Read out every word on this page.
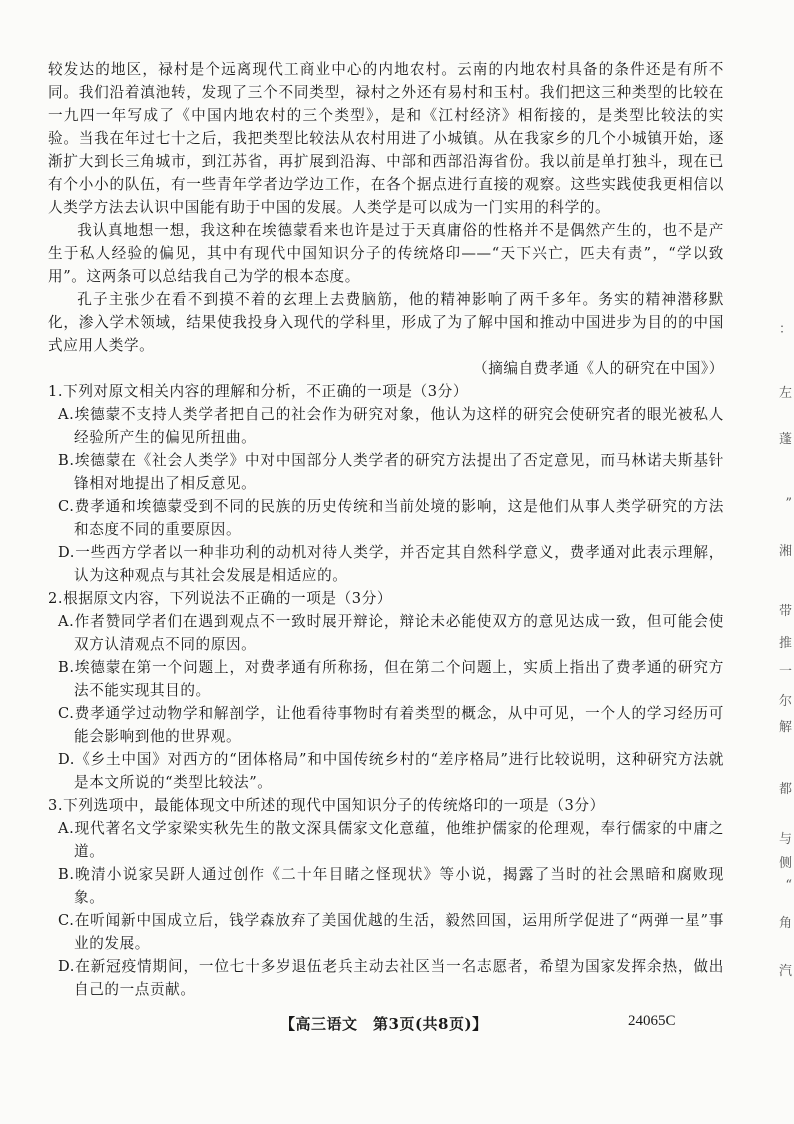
较发达的地区，禄村是个远离现代工商业中心的内地农村。云南的内地农村具备的条件还是有所不同。我们沿着滇池转，发现了三个不同类型，禄村之外还有易村和玉村。我们把这三种类型的比较在一九四一年写成了《中国内地农村的三个类型》，是和《江村经济》相衔接的，是类型比较法的实验。当我在年过七十之后，我把类型比较法从农村用进了小城镇。从在我家乡的几个小城镇开始，逐渐扩大到长三角城市，到江苏省，再扩展到沿海、中部和西部沿海省份。我以前是单打独斗，现在已有个小小的队伍，有一些青年学者边学边工作，在各个据点进行直接的观察。这些实践使我更相信以人类学方法去认识中国能有助于中国的发展。人类学是可以成为一门实用的科学的。

我认真地想一想，我这种在埃德蒙看来也许是过于天真庸俗的性格并不是偶然产生的，也不是产生于私人经验的偏见，其中有现代中国知识分子的传统烙印——“天下兴亡，匹夫有责”，“学以致用”。这两条可以总结我自己为学的根本态度。

孔子主张少在看不到摸不着的玄理上去费脑筋，他的精神影响了两千多年。务实的精神潜移默化，渗入学术领域，结果使我投身入现代的学科里，形成了为了解中国和推动中国进步为目的的中国式应用人类学。

（摘编自费孝通《人的研究在中国》）

1.下列对原文相关内容的理解和分析，不正确的一项是（3分）

A.埃德蒙不支持人类学者把自己的社会作为研究对象，他认为这样的研究会使研究者的眼光被私人经验所产生的偏见所扭曲。

B.埃德蒙在《社会人类学》中对中国部分人类学者的研究方法提出了否定意见，而马林诺夫斯基针锋相对地提出了相反意见。

C.费孝通和埃德蒙受到不同的民族的历史传统和当前处境的影响，这是他们从事人类学研究的方法和态度不同的重要原因。

D.一些西方学者以一种非功利的动机对待人类学，并否定其自然科学意义，费孝通对此表示理解，认为这种观点与其社会发展是相适应的。

2.根据原文内容，下列说法不正确的一项是（3分）

A.作者赞同学者们在遇到观点不一致时展开辩论，辩论未必能使双方的意见达成一致，但可能会使双方认清观点不同的原因。

B.埃德蒙在第一个问题上，对费孝通有所称扬，但在第二个问题上，实质上指出了费孝通的研究方法不能实现其目的。

C.费孝通学过动物学和解剖学，让他看待事物时有着类型的概念，从中可见，一个人的学习经历可能会影响到他的世界观。

D.《乡土中国》对西方的“团体格局”和中国传统乡村的“差序格局”进行比较说明，这种研究方法就是本文所说的“类型比较法”。

3.下列选项中，最能体现文中所述的现代中国知识分子的传统烙印的一项是（3分）

A.现代著名文学家梁实秋先生的散文深具儒家文化意蕴，他维护儒家的伦理观，奉行儒家的中庸之道。

B.晚清小说家吴趼人通过创作《二十年目睹之怪现状》等小说，揭露了当时的社会黑暗和腐败现象。

C.在听闻新中国成立后，钱学森放弃了美国优越的生活，毅然回国，运用所学促进了“两弹一星”事业的发展。

D.在新冠疫情期间，一位七十多岁退伍老兵主动去社区当一名志愿者，希望为国家发挥余热，做出自己的一点贡献。

【高三语文　第3页(共8页)】	24065C
：
左
蓬
”
湘
带
推
一
尔
解
都
与
侧
“
角
汽
